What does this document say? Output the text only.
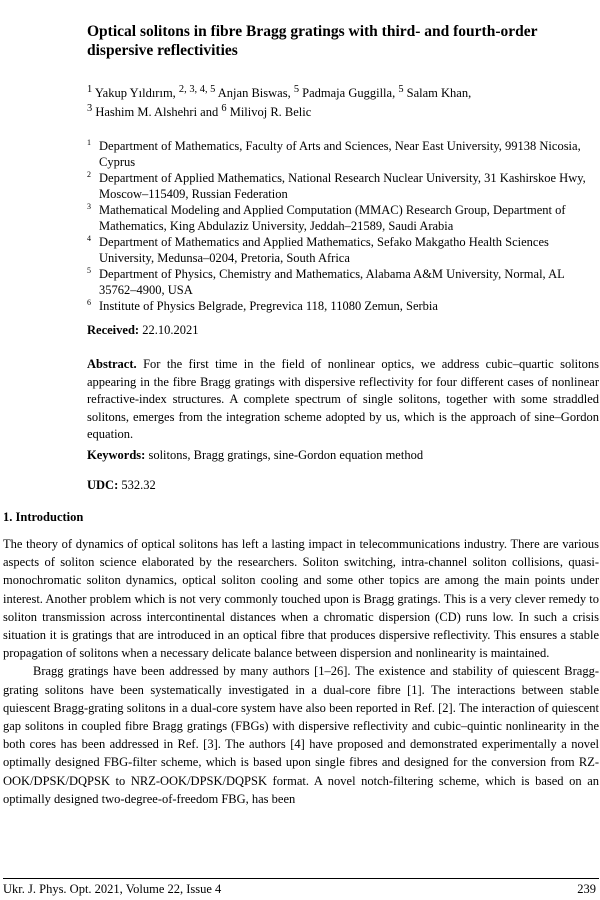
Optical solitons in fibre Bragg gratings with third- and fourth-order dispersive reflectivities
$^1$ Yakup Yıldırım, $^{2, 3, 4, 5}$ Anjan Biswas, $^5$ Padmaja Guggilla, $^5$ Salam Khan,
$^3$ Hashim M. Alshehri and $^6$ Milivoj R. Belic
1 Department of Mathematics, Faculty of Arts and Sciences, Near East University, 99138 Nicosia, Cyprus
2 Department of Applied Mathematics, National Research Nuclear University, 31 Kashirskoe Hwy, Moscow–115409, Russian Federation
3 Mathematical Modeling and Applied Computation (MMAC) Research Group, Department of Mathematics, King Abdulaziz University, Jeddah–21589, Saudi Arabia
4 Department of Mathematics and Applied Mathematics, Sefako Makgatho Health Sciences University, Medunsa–0204, Pretoria, South Africa
5 Department of Physics, Chemistry and Mathematics, Alabama A&M University, Normal, AL 35762–4900, USA
6 Institute of Physics Belgrade, Pregrevica 118, 11080 Zemun, Serbia
Received: 22.10.2021
Abstract. For the first time in the field of nonlinear optics, we address cubic–quartic solitons appearing in the fibre Bragg gratings with dispersive reflectivity for four different cases of nonlinear refractive-index structures. A complete spectrum of single solitons, together with some straddled solitons, emerges from the integration scheme adopted by us, which is the approach of sine–Gordon equation.
Keywords: solitons, Bragg gratings, sine-Gordon equation method
UDC: 532.32
1. Introduction

The theory of dynamics of optical solitons has left a lasting impact in telecommunications industry. There are various aspects of soliton science elaborated by the researchers. Soliton switching, intra-channel soliton collisions, quasi-monochromatic soliton dynamics, optical soliton cooling and some other topics are among the main points under interest. Another problem which is not very commonly touched upon is Bragg gratings. This is a very clever remedy to soliton transmission across intercontinental distances when a chromatic dispersion (CD) runs low. In such a crisis situation it is gratings that are introduced in an optical fibre that produces dispersive reflectivity. This ensures a stable propagation of solitons when a necessary delicate balance between dispersion and nonlinearity is maintained.

Bragg gratings have been addressed by many authors [1–26]. The existence and stability of quiescent Bragg-grating solitons have been systematically investigated in a dual-core fibre [1]. The interactions between stable quiescent Bragg-grating solitons in a dual-core system have also been reported in Ref. [2]. The interaction of quiescent gap solitons in coupled fibre Bragg gratings (FBGs) with dispersive reflectivity and cubic–quintic nonlinearity in the both cores has been addressed in Ref. [3]. The authors [4] have proposed and demonstrated experimentally a novel optimally designed FBG-filter scheme, which is based upon single fibres and designed for the conversion from RZ-OOK/DPSK/DQPSK to NRZ-OOK/DPSK/DQPSK format. A novel notch-filtering scheme, which is based on an optimally designed two-degree-of-freedom FBG, has been

Ukr. J. Phys. Opt. 2021, Volume 22, Issue 4	239
